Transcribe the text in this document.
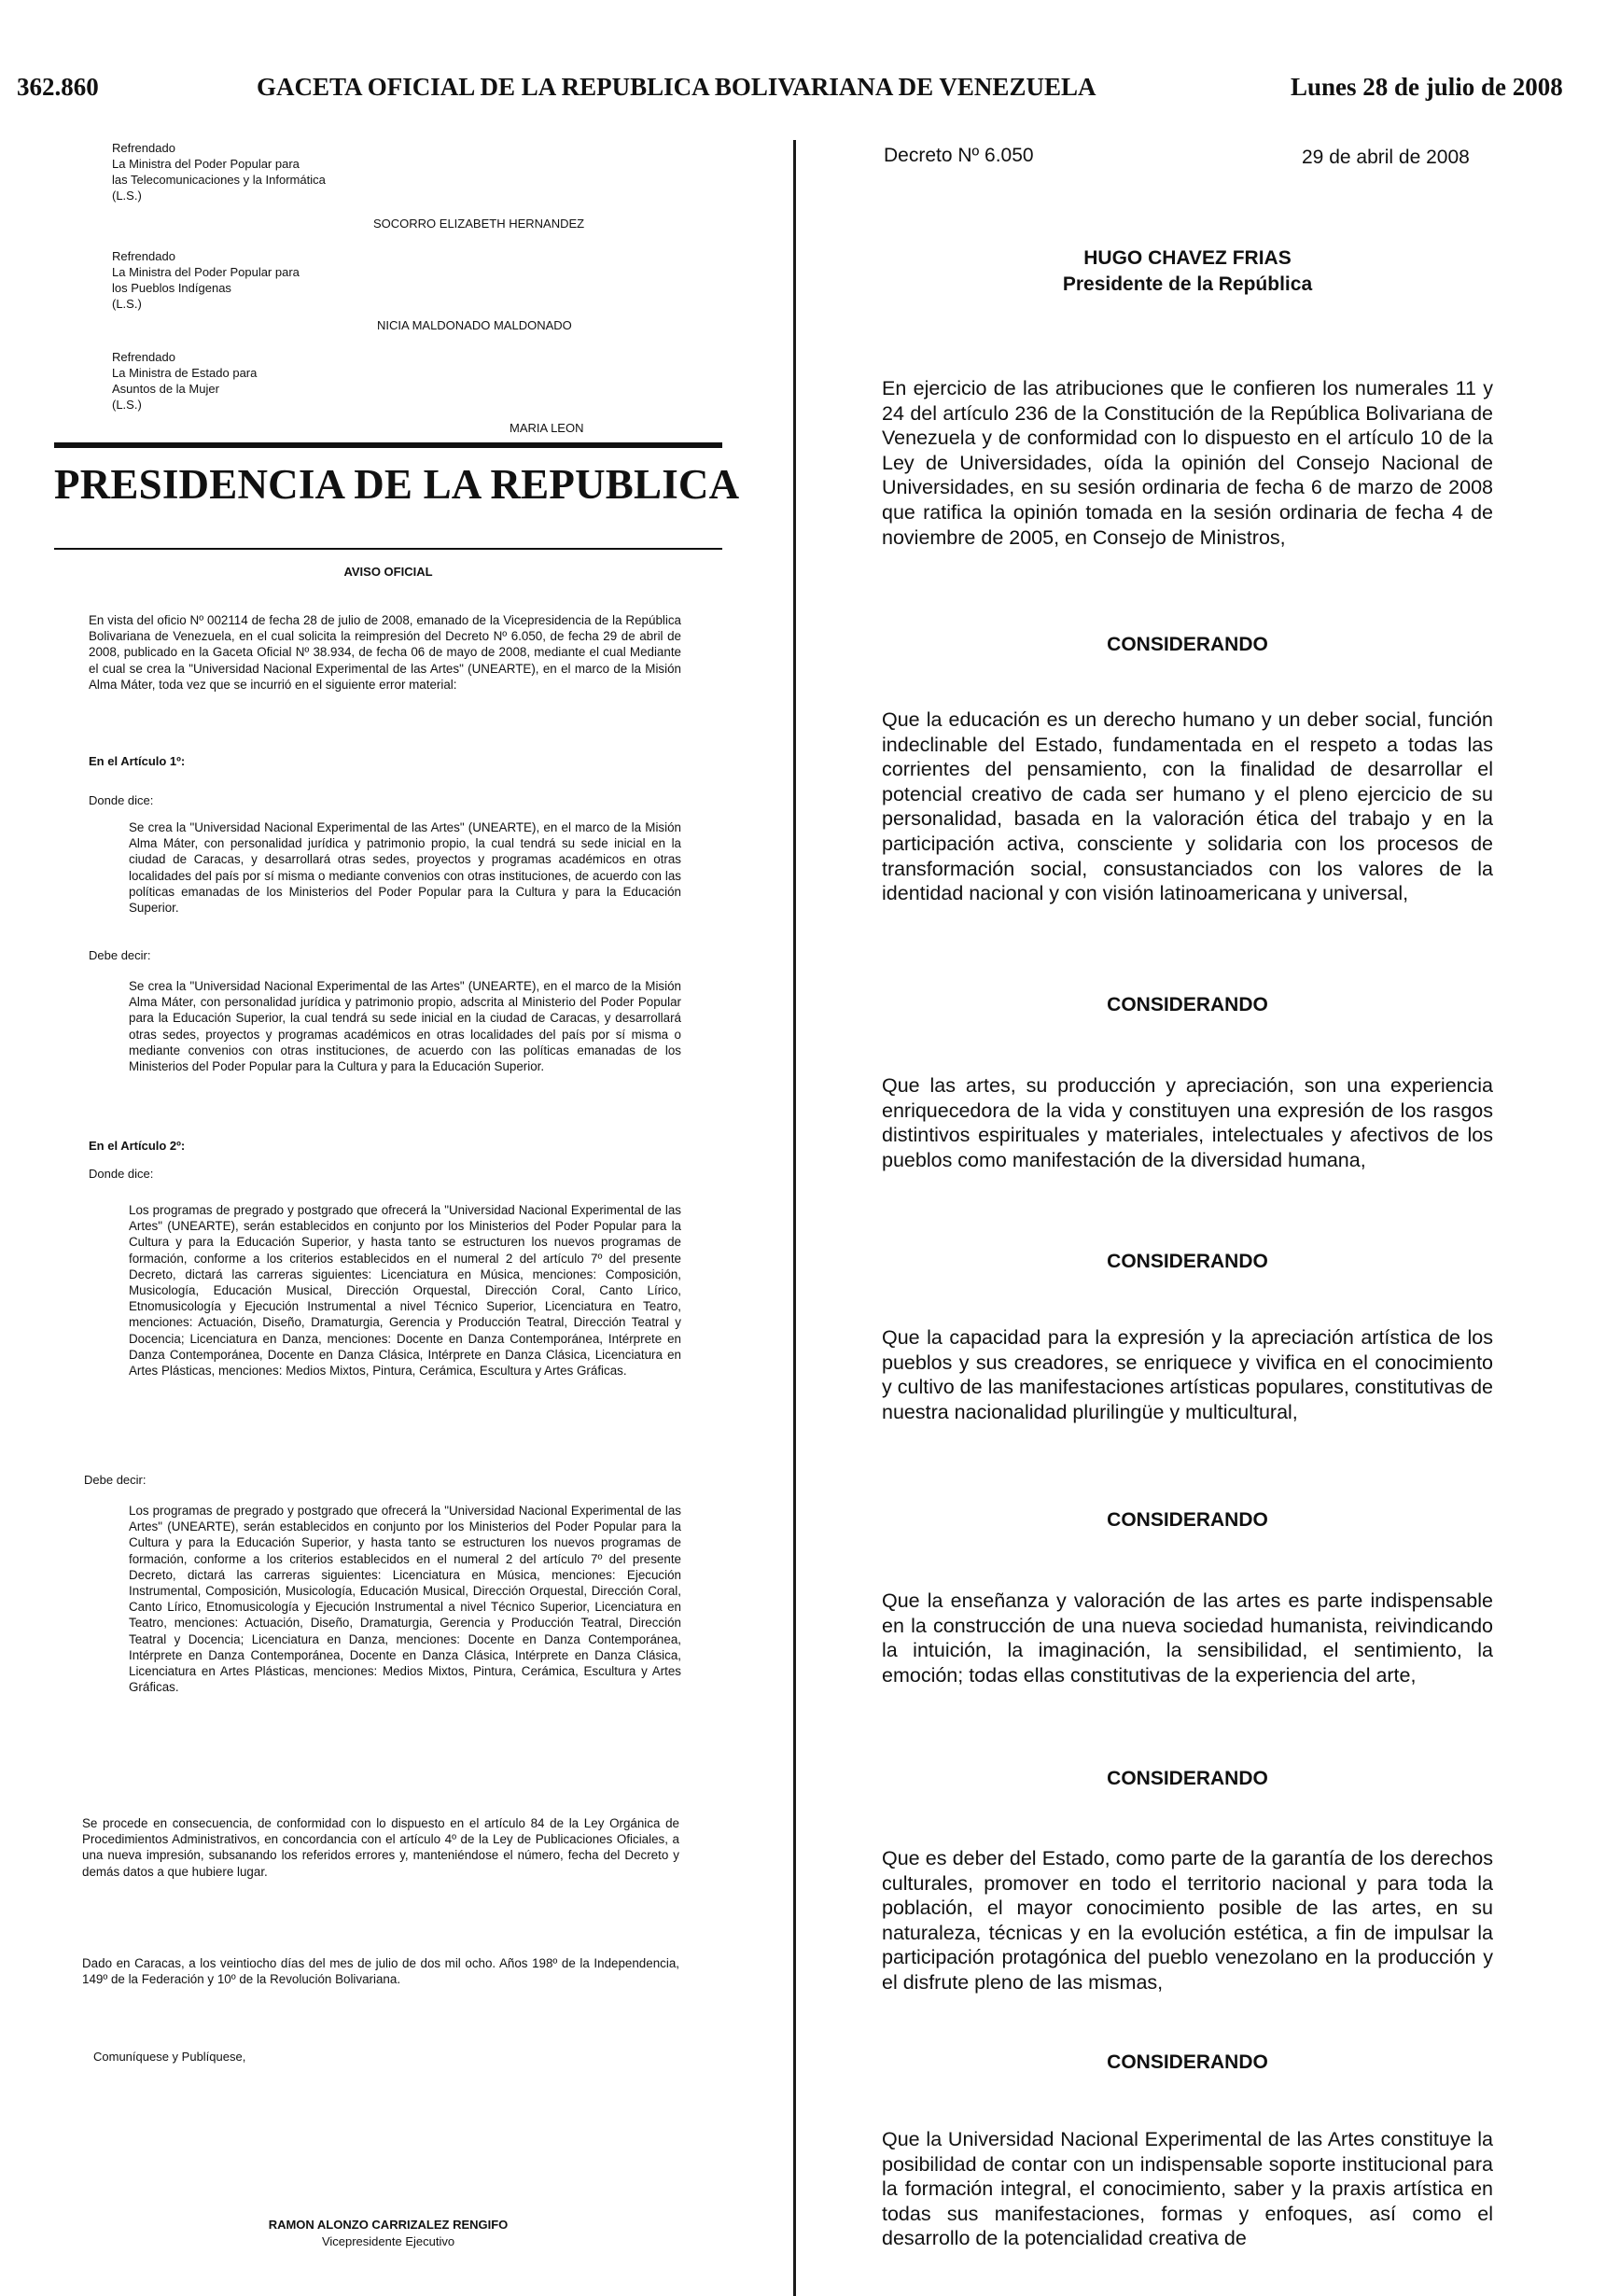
362.860	GACETA OFICIAL DE LA REPUBLICA BOLIVARIANA DE VENEZUELA	Lunes 28 de julio de 2008
Refrendado
La Ministra del Poder Popular para
las Telecomunicaciones y la Informática
(L.S.)
SOCORRO ELIZABETH HERNANDEZ
Refrendado
La Ministra del Poder Popular para
los Pueblos Indígenas
(L.S.)
NICIA MALDONADO MALDONADO
Refrendado
La Ministra de Estado para
Asuntos de la Mujer
(L.S.)
MARIA LEON
PRESIDENCIA DE LA REPUBLICA
AVISO OFICIAL
En vista del oficio Nº 002114 de fecha 28 de julio de 2008, emanado de la Vicepresidencia de la República Bolivariana de Venezuela, en el cual solicita la reimpresión del Decreto Nº 6.050, de fecha 29 de abril de 2008, publicado en la Gaceta Oficial Nº 38.934, de fecha 06 de mayo de 2008, mediante el cual Mediante el cual se crea la "Universidad Nacional Experimental de las Artes" (UNEARTE), en el marco de la Misión Alma Máter, toda vez que se incurrió en el siguiente error material:
En el Artículo 1º:
Donde dice:
Se crea la "Universidad Nacional Experimental de las Artes" (UNEARTE), en el marco de la Misión Alma Máter, con personalidad jurídica y patrimonio propio, la cual tendrá su sede inicial en la ciudad de Caracas, y desarrollará otras sedes, proyectos y programas académicos en otras localidades del país por sí misma o mediante convenios con otras instituciones, de acuerdo con las políticas emanadas de los Ministerios del Poder Popular para la Cultura y para la Educación Superior.
Debe decir:
Se crea la "Universidad Nacional Experimental de las Artes" (UNEARTE), en el marco de la Misión Alma Máter, con personalidad jurídica y patrimonio propio, adscrita al Ministerio del Poder Popular para la Educación Superior, la cual tendrá su sede inicial en la ciudad de Caracas, y desarrollará otras sedes, proyectos y programas académicos en otras localidades del país por sí misma o mediante convenios con otras instituciones, de acuerdo con las políticas emanadas de los Ministerios del Poder Popular para la Cultura y para la Educación Superior.
En el Artículo 2º:
Donde dice:
Los programas de pregrado y postgrado que ofrecerá la "Universidad Nacional Experimental de las Artes" (UNEARTE), serán establecidos en conjunto por los Ministerios del Poder Popular para la Cultura y para la Educación Superior, y hasta tanto se estructuren los nuevos programas de formación, conforme a los criterios establecidos en el numeral 2 del artículo 7º del presente Decreto, dictará las carreras siguientes: Licenciatura en Música, menciones: Composición, Musicología, Educación Musical, Dirección Orquestal, Dirección Coral, Canto Lírico, Etnomusicología y Ejecución Instrumental a nivel Técnico Superior, Licenciatura en Teatro, menciones: Actuación, Diseño, Dramaturgia, Gerencia y Producción Teatral, Dirección Teatral y Docencia; Licenciatura en Danza, menciones: Docente en Danza Contemporánea, Intérprete en Danza Contemporánea, Docente en Danza Clásica, Intérprete en Danza Clásica, Licenciatura en Artes Plásticas, menciones: Medios Mixtos, Pintura, Cerámica, Escultura y Artes Gráficas.
Debe decir:
Los programas de pregrado y postgrado que ofrecerá la "Universidad Nacional Experimental de las Artes" (UNEARTE), serán establecidos en conjunto por los Ministerios del Poder Popular para la Cultura y para la Educación Superior, y hasta tanto se estructuren los nuevos programas de formación, conforme a los criterios establecidos en el numeral 2 del artículo 7º del presente Decreto, dictará las carreras siguientes: Licenciatura en Música, menciones: Ejecución Instrumental, Composición, Musicología, Educación Musical, Dirección Orquestal, Dirección Coral, Canto Lírico, Etnomusicología y Ejecución Instrumental a nivel Técnico Superior, Licenciatura en Teatro, menciones: Actuación, Diseño, Dramaturgia, Gerencia y Producción Teatral, Dirección Teatral y Docencia; Licenciatura en Danza, menciones: Docente en Danza Contemporánea, Intérprete en Danza Contemporánea, Docente en Danza Clásica, Intérprete en Danza Clásica, Licenciatura en Artes Plásticas, menciones: Medios Mixtos, Pintura, Cerámica, Escultura y Artes Gráficas.
Se procede en consecuencia, de conformidad con lo dispuesto en el artículo 84 de la Ley Orgánica de Procedimientos Administrativos, en concordancia con el artículo 4º de la Ley de Publicaciones Oficiales, a una nueva impresión, subsanando los referidos errores y, manteniéndose el número, fecha del Decreto y demás datos a que hubiere lugar.
Dado en Caracas, a los veintiocho días del mes de julio de dos mil ocho. Años 198º de la Independencia, 149º de la Federación y 10º de la Revolución Bolivariana.
Comuníquese y Publíquese,
RAMON ALONZO CARRIZALEZ RENGIFO
Vicepresidente Ejecutivo
Decreto Nº 6.050	29 de abril de 2008
HUGO CHAVEZ FRIAS
Presidente de la República
En ejercicio de las atribuciones que le confieren los numerales 11 y 24 del artículo 236 de la Constitución de la República Bolivariana de Venezuela y de conformidad con lo dispuesto en el artículo 10 de la Ley de Universidades, oída la opinión del Consejo Nacional de Universidades, en su sesión ordinaria de fecha 6 de marzo de 2008 que ratifica la opinión tomada en la sesión ordinaria de fecha 4 de noviembre de 2005, en Consejo de Ministros,
CONSIDERANDO
Que la educación es un derecho humano y un deber social, función indeclinable del Estado, fundamentada en el respeto a todas las corrientes del pensamiento, con la finalidad de desarrollar el potencial creativo de cada ser humano y el pleno ejercicio de su personalidad, basada en la valoración ética del trabajo y en la participación activa, consciente y solidaria con los procesos de transformación social, consustanciados con los valores de la identidad nacional y con visión latinoamericana y universal,
CONSIDERANDO
Que las artes, su producción y apreciación, son una experiencia enriquecedora de la vida y constituyen una expresión de los rasgos distintivos espirituales y materiales, intelectuales y afectivos de los pueblos como manifestación de la diversidad humana,
CONSIDERANDO
Que la capacidad para la expresión y la apreciación artística de los pueblos y sus creadores, se enriquece y vivifica en el conocimiento y cultivo de las manifestaciones artísticas populares, constitutivas de nuestra nacionalidad plurilingüe y multicultural,
CONSIDERANDO
Que la enseñanza y valoración de las artes es parte indispensable en la construcción de una nueva sociedad humanista, reivindicando la intuición, la imaginación, la sensibilidad, el sentimiento, la emoción; todas ellas constitutivas de la experiencia del arte,
CONSIDERANDO
Que es deber del Estado, como parte de la garantía de los derechos culturales, promover en todo el territorio nacional y para toda la población, el mayor conocimiento posible de las artes, en su naturaleza, técnicas y en la evolución estética, a fin de impulsar la participación protagónica del pueblo venezolano en la producción y el disfrute pleno de las mismas,
CONSIDERANDO
Que la Universidad Nacional Experimental de las Artes constituye la posibilidad de contar con un indispensable soporte institucional para la formación integral, el conocimiento, saber y la praxis artística en todas sus manifestaciones, formas y enfoques, así como el desarrollo de la potencialidad creativa de
